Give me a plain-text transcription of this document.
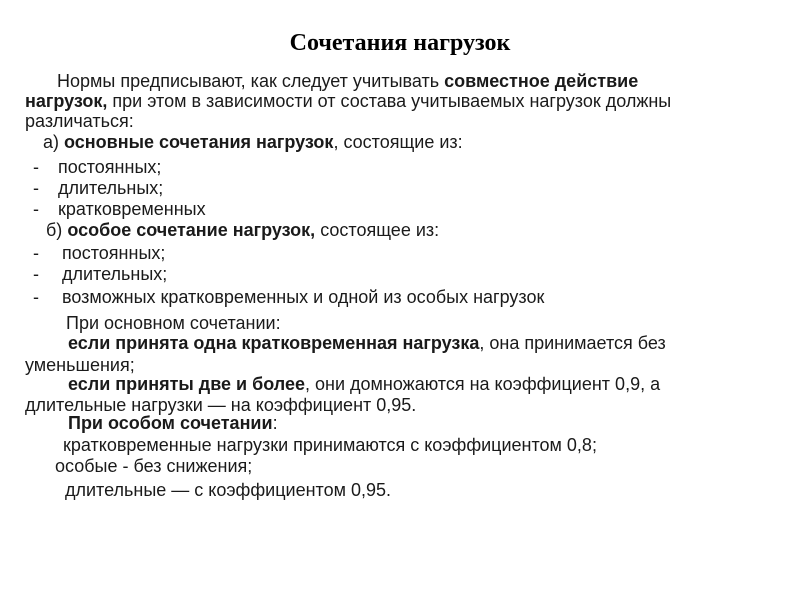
Сочетания нагрузок
Нормы предписывают, как следует учитывать совместное действие
нагрузок, при этом в зависимости от состава учитываемых нагрузок должны
различаться:
а) основные сочетания нагрузок, состоящие из:
- постоянных;
- длительных;
- кратковременных
б) особое сочетание нагрузок, состоящее из:
- постоянных;
- длительных;
- возможных кратковременных и одной из особых нагрузок
При основном сочетании:
если принята одна кратковременная нагрузка, она принимается без
уменьшения;
если приняты две и более, они домножаются на коэффициент 0,9, а
длительные нагрузки — на коэффициент 0,95.
При особом сочетании:
кратковременные нагрузки принимаются с коэффициентом 0,8;
особые - без снижения;
длительные — с коэффициентом 0,95.
